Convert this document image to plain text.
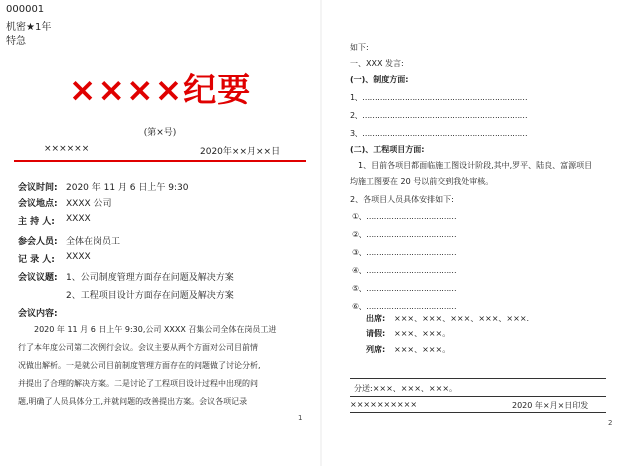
000001
机密★1年
特急
××××纪要
(第×号)
××××××	2020年××月××日
会议时间: 2020 年 11 月 6 日上午 9:30
会议地点: XXXX 公司
主 持 人: XXXX
参会人员: 全体在岗员工
记 录 人: XXXX
会议议题: 1、公司制度管理方面存在问题及解决方案
2、工程项目设计方面存在问题及解决方案
会议内容:
2020 年 11 月 6 日上午 9:30,公司 XXXX 召集公司全体在岗员工进
行了本年度公司第二次例行会议。会议主要从两个方面对公司目前情
况做出解析。一是就公司目前制度管理方面存在的问题做了讨论分析,
并提出了合理的解决方案。二是讨论了工程项目设计过程中出现的问
题,明确了人员具体分工,并就问题的改善提出方案。会议各项记录
1
如下:
一、XXX 发言:
(一)、制度方面:
1、…………………………………………………………
2、…………………………………………………………
3、…………………………………………………………
(二)、工程项目方面:
1、目前各项目都面临施工图设计阶段,其中,罗平、陆良、富源项目
均施工图要在 20 号以前交到我处审核。
2、各项目人员具体安排如下:
①、………………………………
②、………………………………
③、………………………………
④、………………………………
⑤、………………………………
⑥、………………………………
出席: ×××、×××、×××、×××、×××.
请假: ×××、×××。
列席: ×××、×××。
分送:×××、×××、×××。
××××××××××	2020 年×月×日印发
2
